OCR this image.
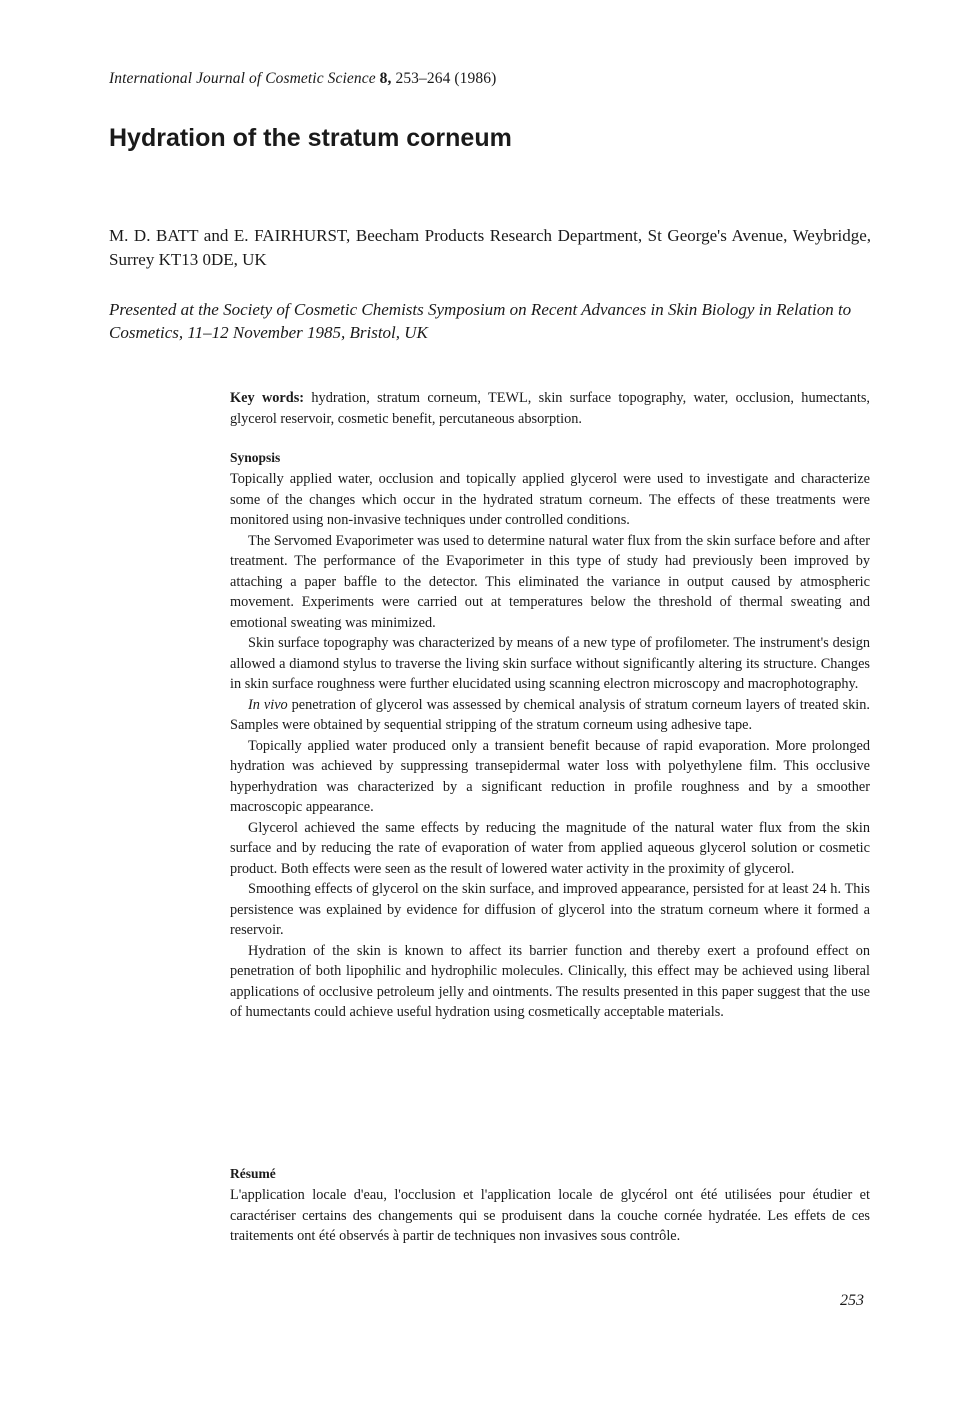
International Journal of Cosmetic Science 8, 253–264 (1986)
Hydration of the stratum corneum
M. D. BATT and E. FAIRHURST, Beecham Products Research Department, St George's Avenue, Weybridge, Surrey KT13 0DE, UK
Presented at the Society of Cosmetic Chemists Symposium on Recent Advances in Skin Biology in Relation to Cosmetics, 11–12 November 1985, Bristol, UK
Key words: hydration, stratum corneum, TEWL, skin surface topography, water, occlusion, humectants, glycerol reservoir, cosmetic benefit, percutaneous absorption.
Synopsis

Topically applied water, occlusion and topically applied glycerol were used to investigate and characterize some of the changes which occur in the hydrated stratum corneum. The effects of these treatments were monitored using non-invasive techniques under controlled conditions.

The Servomed Evaporimeter was used to determine natural water flux from the skin surface before and after treatment. The performance of the Evaporimeter in this type of study had previously been improved by attaching a paper baffle to the detector. This eliminated the variance in output caused by atmospheric movement. Experiments were carried out at temperatures below the threshold of thermal sweating and emotional sweating was minimized.

Skin surface topography was characterized by means of a new type of profilometer. The instrument's design allowed a diamond stylus to traverse the living skin surface without significantly altering its structure. Changes in skin surface roughness were further elucidated using scanning electron microscopy and macrophotography.

In vivo penetration of glycerol was assessed by chemical analysis of stratum corneum layers of treated skin. Samples were obtained by sequential stripping of the stratum corneum using adhesive tape.

Topically applied water produced only a transient benefit because of rapid evaporation. More prolonged hydration was achieved by suppressing transepidermal water loss with polyethylene film. This occlusive hyperhydration was characterized by a significant reduction in profile roughness and by a smoother macroscopic appearance.

Glycerol achieved the same effects by reducing the magnitude of the natural water flux from the skin surface and by reducing the rate of evaporation of water from applied aqueous glycerol solution or cosmetic product. Both effects were seen as the result of lowered water activity in the proximity of glycerol.

Smoothing effects of glycerol on the skin surface, and improved appearance, persisted for at least 24 h. This persistence was explained by evidence for diffusion of glycerol into the stratum corneum where it formed a reservoir.

Hydration of the skin is known to affect its barrier function and thereby exert a profound effect on penetration of both lipophilic and hydrophilic molecules. Clinically, this effect may be achieved using liberal applications of occlusive petroleum jelly and ointments. The results presented in this paper suggest that the use of humectants could achieve useful hydration using cosmetically acceptable materials.

Résumé

L'application locale d'eau, l'occlusion et l'application locale de glycérol ont été utilisées pour étudier et caractériser certains des changements qui se produisent dans la couche cornée hydratée. Les effets de ces traitements ont été observés à partir de techniques non invasives sous contrôle.

253
